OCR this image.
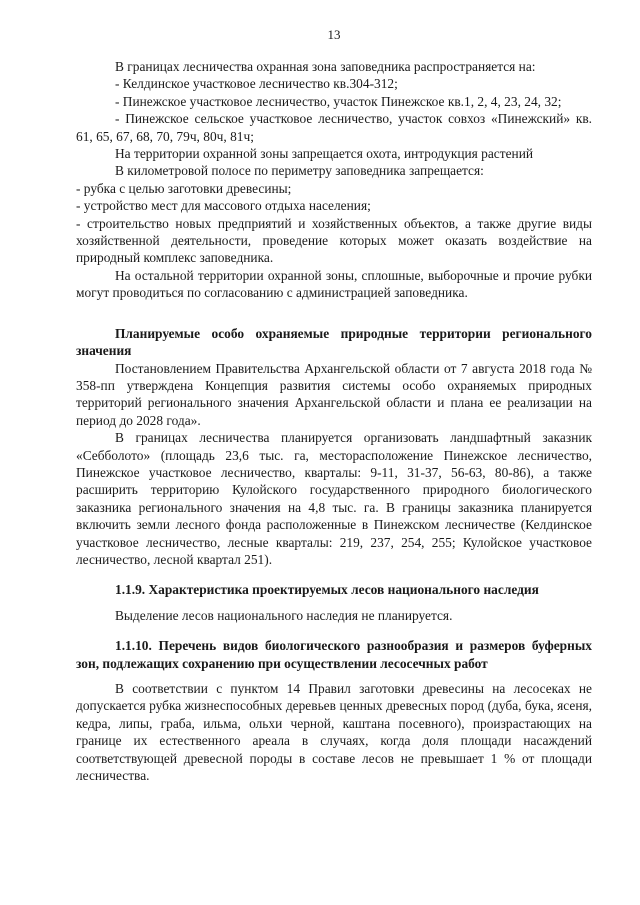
13

В границах лесничества охранная зона заповедника распространяется на:

- Келдинское участковое лесничество кв.304-312;

- Пинежское участковое лесничество, участок Пинежское кв.1, 2, 4, 23, 24, 32;

- Пинежское сельское участковое лесничество, участок совхоз «Пинежский» кв. 61, 65, 67, 68, 70, 79ч, 80ч, 81ч;

На территории охранной зоны запрещается охота, интродукция растений

В километровой полосе по периметру заповедника запрещается:

- рубка с целью заготовки древесины;

- устройство мест для массового отдыха населения;

- строительство новых предприятий и хозяйственных объектов, а также другие виды хозяйственной деятельности, проведение которых может оказать воздействие на природный комплекс заповедника.

На остальной территории охранной зоны, сплошные, выборочные и прочие рубки могут проводиться по согласованию с администрацией заповедника.

Планируемые особо охраняемые природные территории регионального значения

Постановлением Правительства Архангельской области от 7 августа 2018 года № 358-пп утверждена Концепция развития системы особо охраняемых природных территорий регионального значения Архангельской области и плана ее реализации на период до 2028 года».

В границах лесничества планируется организовать ландшафтный заказник «Себболото» (площадь 23,6 тыс. га, месторасположение Пинежское лесничество, Пинежское участковое лесничество, кварталы: 9-11, 31-37, 56-63, 80-86), а также расширить территорию Кулойского государственного природного биологического заказника регионального значения на 4,8 тыс. га. В границы заказника планируется включить земли лесного фонда расположенные в Пинежском лесничестве (Келдинское участковое лесничество, лесные кварталы: 219, 237, 254, 255; Кулойское участковое лесничество, лесной квартал 251).

1.1.9. Характеристика проектируемых лесов национального наследия

Выделение лесов национального наследия не планируется.

1.1.10. Перечень видов биологического разнообразия и размеров буферных зон, подлежащих сохранению при осуществлении лесосечных работ

В соответствии с пунктом 14 Правил заготовки древесины на лесосеках не допускается рубка жизнеспособных деревьев ценных древесных пород (дуба, бука, ясеня, кедра, липы, граба, ильма, ольхи черной, каштана посевного), произрастающих на границе их естественного ареала в случаях, когда доля площади насаждений соответствующей древесной породы в составе лесов не превышает 1 % от площади лесничества.
